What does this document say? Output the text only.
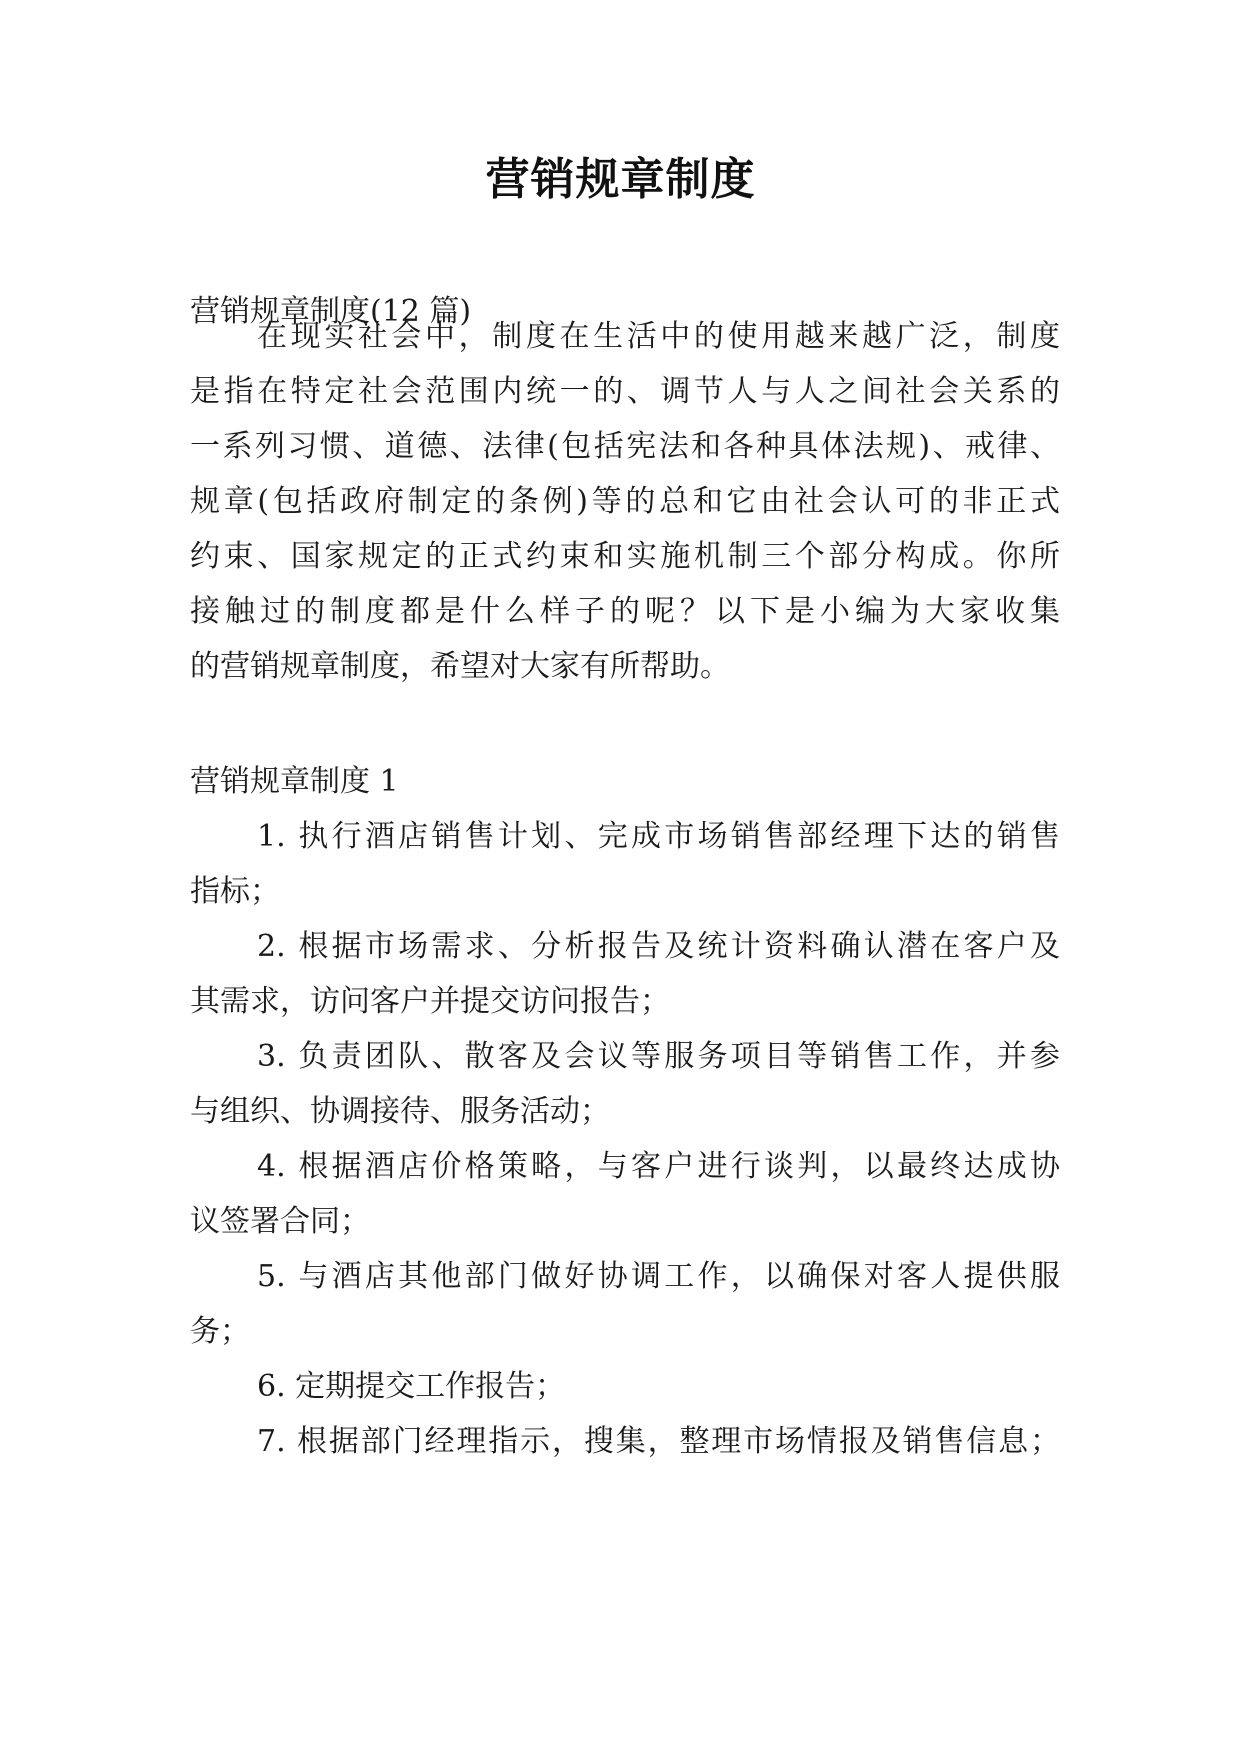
营销规章制度
营销规章制度(12 篇)
在现实社会中，制度在生活中的使用越来越广泛，制度
是指在特定社会范围内统一的、调节人与人之间社会关系的
一系列习惯、道德、法律(包括宪法和各种具体法规)、戒律、
规章(包括政府制定的条例)等的总和它由社会认可的非正式
约束、国家规定的正式约束和实施机制三个部分构成。你所
接触过的制度都是什么样子的呢？以下是小编为大家收集
的营销规章制度，希望对大家有所帮助。
营销规章制度 1
1. 执行酒店销售计划、完成市场销售部经理下达的销售
指标；
2. 根据市场需求、分析报告及统计资料确认潜在客户及
其需求，访问客户并提交访问报告；
3. 负责团队、散客及会议等服务项目等销售工作，并参
与组织、协调接待、服务活动；
4. 根据酒店价格策略，与客户进行谈判，以最终达成协
议签署合同；
5. 与酒店其他部门做好协调工作，以确保对客人提供服
务；
6. 定期提交工作报告；
7. 根据部门经理指示，搜集，整理市场情报及销售信息；
